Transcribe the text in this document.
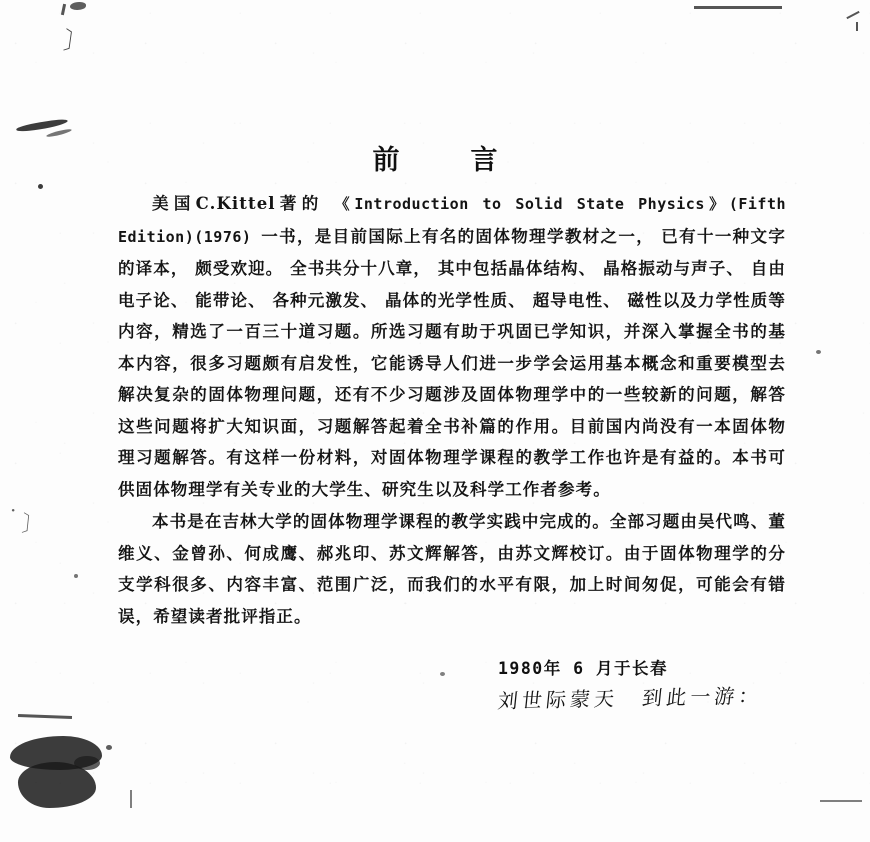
〕
〕
·
前　言

美国C.Kittel著的 《Introduction to Solid State Physics》(Fifth Edition)(1976) 一书，是目前国际上有名的固体物理学教材之一， 已有十一种文字的译本， 颇受欢迎。 全书共分十八章， 其中包括晶体结构、 晶格振动与声子、 自由电子论、 能带论、 各种元激发、 晶体的光学性质、 超导电性、 磁性以及力学性质等内容，精选了一百三十道习题。所选习题有助于巩固已学知识，并深入掌握全书的基本内容，很多习题颇有启发性，它能诱导人们进一步学会运用基本概念和重要模型去解决复杂的固体物理问题，还有不少习题涉及固体物理学中的一些较新的问题，解答这些问题将扩大知识面，习题解答起着全书补篇的作用。目前国内尚没有一本固体物理习题解答。有这样一份材料，对固体物理学课程的教学工作也许是有益的。本书可供固体物理学有关专业的大学生、研究生以及科学工作者参考。

本书是在吉林大学的固体物理学课程的教学实践中完成的。全部习题由吴代鸣、董维义、金曾孙、何成鹰、郝兆印、苏文辉解答，由苏文辉校订。由于固体物理学的分支学科很多、内容丰富、范围广泛，而我们的水平有限，加上时间匆促，可能会有错误，希望读者批评指正。

1980年 6 月于长春
刘世际蒙天　到此一游：
